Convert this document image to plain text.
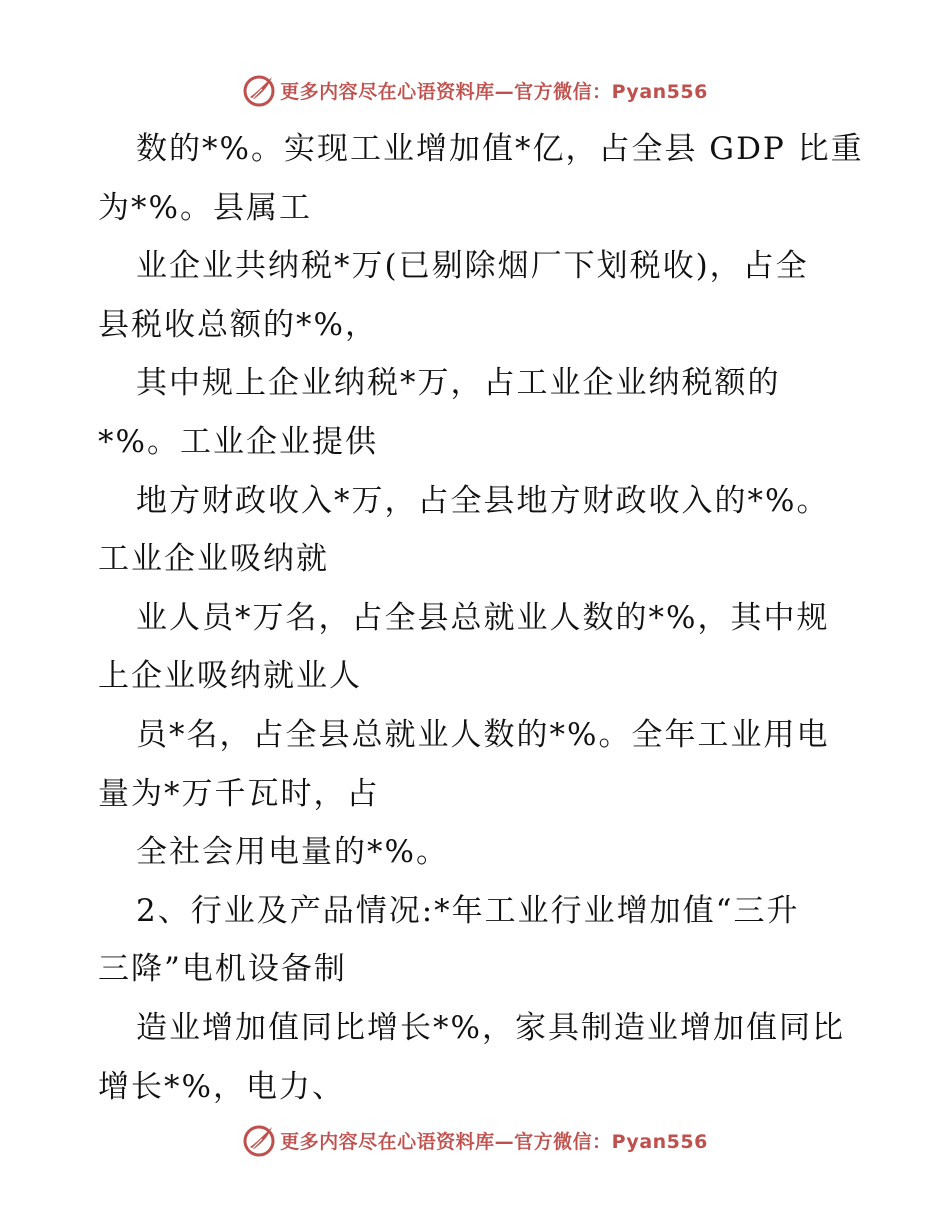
更多内容尽在心语资料库—官方微信：Pyan556
数的*%。实现工业增加值*亿，占全县 GDP 比重
为*%。县属工
业企业共纳税*万(已剔除烟厂下划税收)，占全
县税收总额的*%，
其中规上企业纳税*万，占工业企业纳税额的
*%。工业企业提供
地方财政收入*万，占全县地方财政收入的*%。
工业企业吸纳就
业人员*万名，占全县总就业人数的*%，其中规
上企业吸纳就业人
员*名，占全县总就业人数的*%。全年工业用电
量为*万千瓦时，占
全社会用电量的*%。
2、行业及产品情况:*年工业行业增加值“三升
三降”电机设备制
造业增加值同比增长*%，家具制造业增加值同比
增长*%，电力、
更多内容尽在心语资料库—官方微信：Pyan556
